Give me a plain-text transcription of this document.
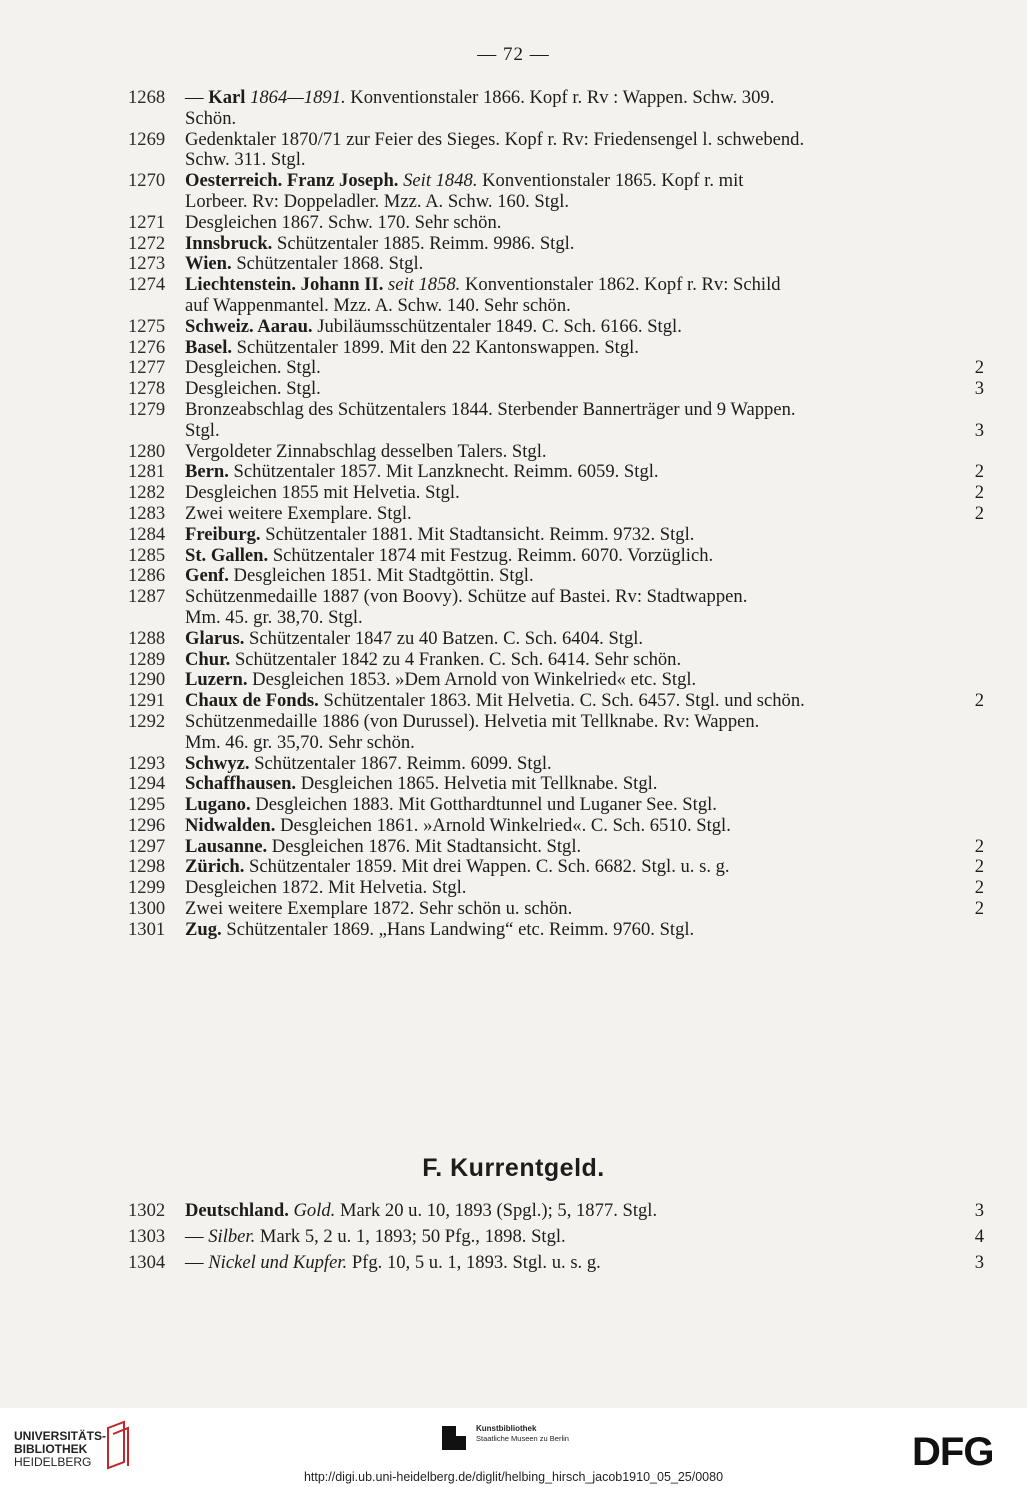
— 72 —
1268	— Karl 1864—1891. Konventionstaler 1866. Kopf r. Rv : Wappen. Schw. 309.
Schön.
1269	Gedenktaler 1870/71 zur Feier des Sieges. Kopf r. Rv: Friedensengel l. schwebend.
Schw. 311. Stgl.
1270	Oesterreich. Franz Joseph. Seit 1848. Konventionstaler 1865. Kopf r. mit
Lorbeer. Rv: Doppeladler. Mzz. A. Schw. 160. Stgl.
1271	Desgleichen 1867. Schw. 170. Sehr schön.
1272	Innsbruck. Schützentaler 1885. Reimm. 9986. Stgl.
1273	Wien. Schützentaler 1868. Stgl.
1274	Liechtenstein. Johann II. seit 1858. Konventionstaler 1862. Kopf r. Rv: Schild
auf Wappenmantel. Mzz. A. Schw. 140. Sehr schön.
1275	Schweiz. Aarau. Jubiläumsschützentaler 1849. C. Sch. 6166. Stgl.
1276	Basel. Schützentaler 1899. Mit den 22 Kantonswappen. Stgl.
1277	Desgleichen. Stgl.	2
1278	Desgleichen. Stgl.	3
1279	Bronzeabschlag des Schützentalers 1844. Sterbender Bannerträger und 9 Wappen.
Stgl.	3
1280	Vergoldeter Zinnabschlag desselben Talers. Stgl.
1281	Bern. Schützentaler 1857. Mit Lanzknecht. Reimm. 6059. Stgl.	2
1282	Desgleichen 1855 mit Helvetia. Stgl.	2
1283	Zwei weitere Exemplare. Stgl.	2
1284	Freiburg. Schützentaler 1881. Mit Stadtansicht. Reimm. 9732. Stgl.
1285	St. Gallen. Schützentaler 1874 mit Festzug. Reimm. 6070. Vorzüglich.
1286	Genf. Desgleichen 1851. Mit Stadtgöttin. Stgl.
1287	Schützenmedaille 1887 (von Boovy). Schütze auf Bastei. Rv: Stadtwappen.
Mm. 45. gr. 38,70. Stgl.
1288	Glarus. Schützentaler 1847 zu 40 Batzen. C. Sch. 6404. Stgl.
1289	Chur. Schützentaler 1842 zu 4 Franken. C. Sch. 6414. Sehr schön.
1290	Luzern. Desgleichen 1853. »Dem Arnold von Winkelried« etc. Stgl.
1291	Chaux de Fonds. Schützentaler 1863. Mit Helvetia. C. Sch. 6457. Stgl. und schön.	2
1292	Schützenmedaille 1886 (von Durussel). Helvetia mit Tellknabe. Rv: Wappen.
Mm. 46. gr. 35,70. Sehr schön.
1293	Schwyz. Schützentaler 1867. Reimm. 6099. Stgl.
1294	Schaffhausen. Desgleichen 1865. Helvetia mit Tellknabe. Stgl.
1295	Lugano. Desgleichen 1883. Mit Gotthardtunnel und Luganer See. Stgl.
1296	Nidwalden. Desgleichen 1861. »Arnold Winkelried«. C. Sch. 6510. Stgl.
1297	Lausanne. Desgleichen 1876. Mit Stadtansicht. Stgl.	2
1298	Zürich. Schützentaler 1859. Mit drei Wappen. C. Sch. 6682. Stgl. u. s. g.	2
1299	Desgleichen 1872. Mit Helvetia. Stgl.	2
1300	Zwei weitere Exemplare 1872. Sehr schön u. schön.	2
1301	Zug. Schützentaler 1869. „Hans Landwing“ etc. Reimm. 9760. Stgl.
F. Kurrentgeld.
1302	Deutschland. Gold. Mark 20 u. 10, 1893 (Spgl.); 5, 1877. Stgl.	3
1303	— Silber. Mark 5, 2 u. 1, 1893; 50 Pfg., 1898. Stgl.	4
1304	— Nickel und Kupfer. Pfg. 10, 5 u. 1, 1893. Stgl. u. s. g.	3
UNIVERSITÄTS-
BIBLIOTHEK
HEIDELBERG
Kunstbibliothek
Staatliche Museen zu Berlin	DFG
http://digi.ub.uni-heidelberg.de/diglit/helbing_hirsch_jacob1910_05_25/0080
